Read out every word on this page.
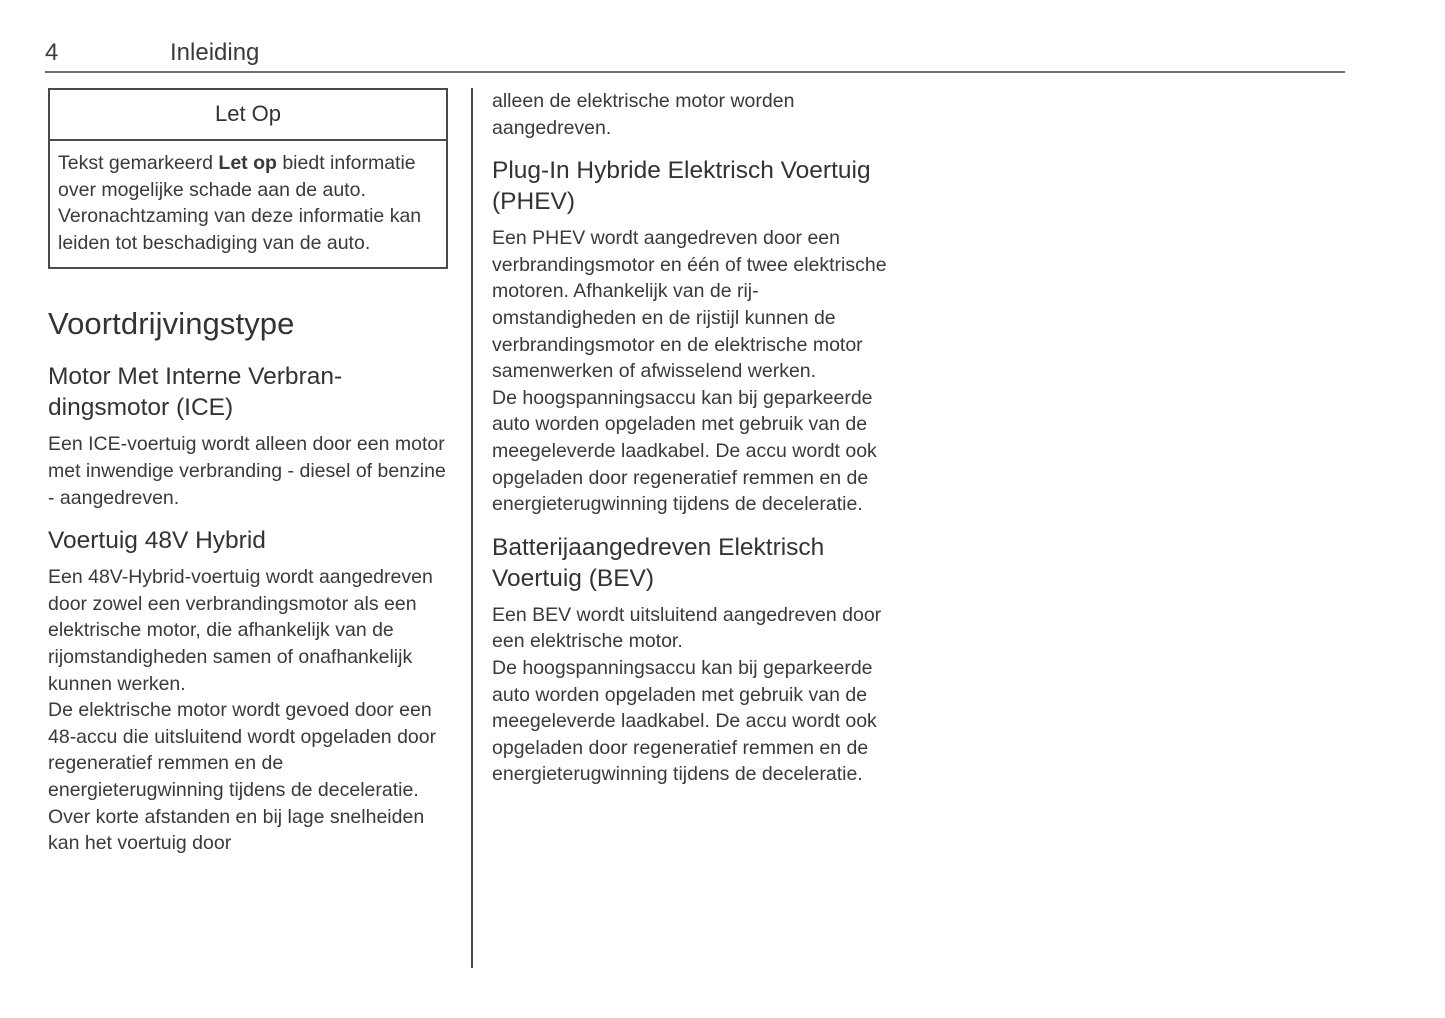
4	Inleiding
Let Op

Tekst gemarkeerd Let op biedt informatie over mogelijke schade aan de auto.

Veronachtzaming van deze informatie kan leiden tot beschadiging van de auto.

Voortdrijvingstype
Motor Met Interne Verbran-dingsmotor (ICE)

Een ICE-voertuig wordt alleen door een motor met inwendige verbranding - diesel of benzine - aangedreven.

Voertuig 48V Hybrid

Een 48V-Hybrid-voertuig wordt aangedreven door zowel een verbrandingsmotor als een elektrische motor, die afhankelijk van de rijomstandigheden samen of onafhankelijk kunnen werken.

De elektrische motor wordt gevoed door een 48-accu die uitsluitend wordt opgeladen door regeneratief remmen en de energieterugwinning tijdens de deceleratie.

Over korte afstanden en bij lage snelheiden kan het voertuig door

alleen de elektrische motor worden aangedreven.

Plug-In Hybride Elektrisch Voertuig (PHEV)

Een PHEV wordt aangedreven door een verbrandingsmotor en één of twee elektrische motoren. Afhankelijk van de rij-omstandigheden en de rijstijl kunnen de verbrandingsmotor en de elektrische motor samenwerken of afwisselend werken.

De hoogspanningsaccu kan bij geparkeerde auto worden opgeladen met gebruik van de meegeleverde laadkabel. De accu wordt ook opgeladen door regeneratief remmen en de energieterugwinning tijdens de deceleratie.

Batterijaangedreven Elektrisch Voertuig (BEV)

Een BEV wordt uitsluitend aangedreven door een elektrische motor.

De hoogspanningsaccu kan bij geparkeerde auto worden opgeladen met gebruik van de meegeleverde laadkabel. De accu wordt ook opgeladen door regeneratief remmen en de energieterugwinning tijdens de deceleratie.
